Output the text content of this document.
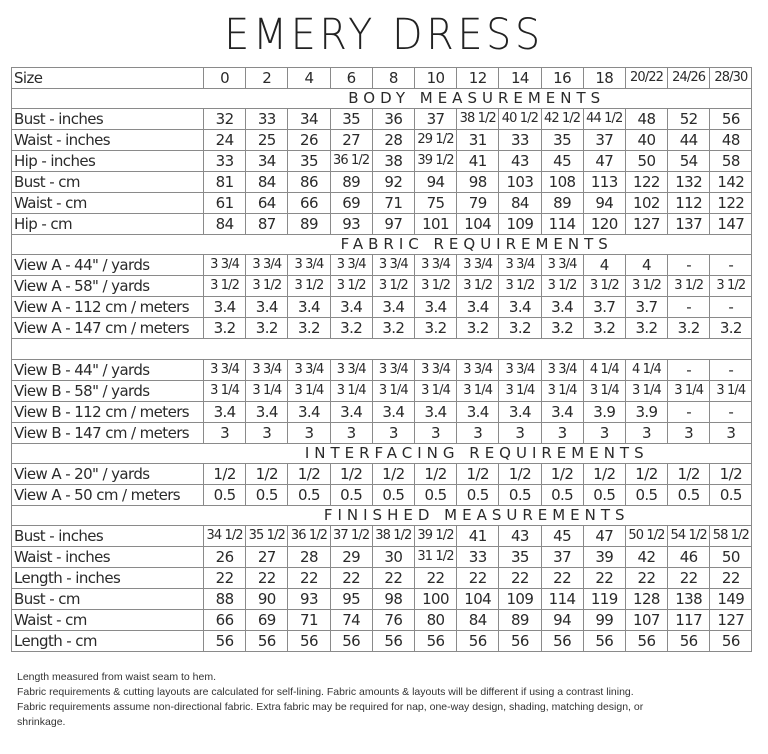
EMERY DRESS
Size	0	2	4	6	8	10	12	14	16	18	20/22	24/26	28/30
BODY MEASUREMENTS													
Bust - inches	32	33	34	35	36	37	38 1/2	40 1/2	42 1/2	44 1/2	48	52	56
Waist - inches	24	25	26	27	28	29 1/2	31	33	35	37	40	44	48
Hip - inches	33	34	35	36 1/2	38	39 1/2	41	43	45	47	50	54	58
Bust - cm	81	84	86	89	92	94	98	103	108	113	122	132	142
Waist - cm	61	64	66	69	71	75	79	84	89	94	102	112	122
Hip - cm	84	87	89	93	97	101	104	109	114	120	127	137	147
FABRIC REQUIREMENTS													
View A - 44" / yards	3 3/4	3 3/4	3 3/4	3 3/4	3 3/4	3 3/4	3 3/4	3 3/4	3 3/4	4	4	-	-
View A - 58" / yards	3 1/2	3 1/2	3 1/2	3 1/2	3 1/2	3 1/2	3 1/2	3 1/2	3 1/2	3 1/2	3 1/2	3 1/2	3 1/2
View A - 112 cm / meters	3.4	3.4	3.4	3.4	3.4	3.4	3.4	3.4	3.4	3.7	3.7	-	-
View A - 147 cm / meters	3.2	3.2	3.2	3.2	3.2	3.2	3.2	3.2	3.2	3.2	3.2	3.2	3.2

View B - 44" / yards	3 3/4	3 3/4	3 3/4	3 3/4	3 3/4	3 3/4	3 3/4	3 3/4	3 3/4	4 1/4	4 1/4	-	-
View B - 58" / yards	3 1/4	3 1/4	3 1/4	3 1/4	3 1/4	3 1/4	3 1/4	3 1/4	3 1/4	3 1/4	3 1/4	3 1/4	3 1/4
View B - 112 cm / meters	3.4	3.4	3.4	3.4	3.4	3.4	3.4	3.4	3.4	3.9	3.9	-	-
View B - 147 cm / meters	3	3	3	3	3	3	3	3	3	3	3	3	3
INTERFACING REQUIREMENTS													
View A - 20" / yards	1/2	1/2	1/2	1/2	1/2	1/2	1/2	1/2	1/2	1/2	1/2	1/2	1/2
View A - 50 cm / meters	0.5	0.5	0.5	0.5	0.5	0.5	0.5	0.5	0.5	0.5	0.5	0.5	0.5
FINISHED MEASUREMENTS													
Bust - inches	34 1/2	35 1/2	36 1/2	37 1/2	38 1/2	39 1/2	41	43	45	47	50 1/2	54 1/2	58 1/2
Waist - inches	26	27	28	29	30	31 1/2	33	35	37	39	42	46	50
Length - inches	22	22	22	22	22	22	22	22	22	22	22	22	22
Bust - cm	88	90	93	95	98	100	104	109	114	119	128	138	149
Waist - cm	66	69	71	74	76	80	84	89	94	99	107	117	127
Length - cm	56	56	56	56	56	56	56	56	56	56	56	56	56
Length measured from waist seam to hem.
Fabric requirements & cutting layouts are calculated for self-lining. Fabric amounts & layouts will be different if using a contrast lining.
Fabric requirements assume non-directional fabric. Extra fabric may be required for nap, one-way design, shading, matching design, or
shrinkage.
